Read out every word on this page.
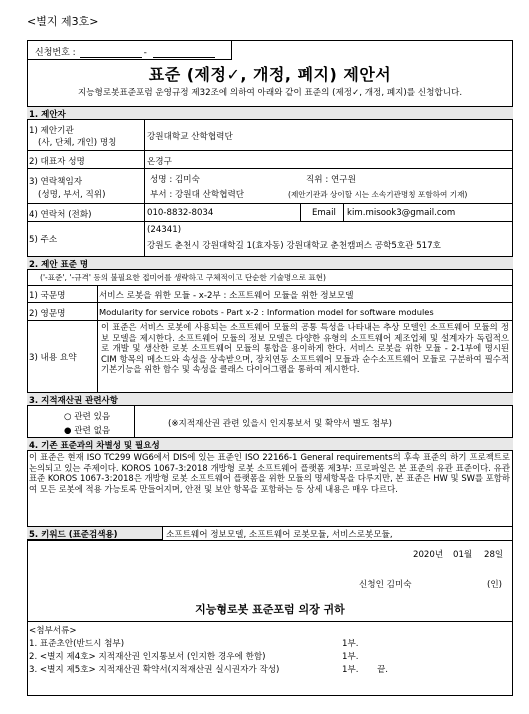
<별지 제3호>
신청번호 :	-
표준 (제정✓, 개정, 폐지) 제안서
지능형로봇표준포럼 운영규정 제32조에 의하여 아래와 같이 표준의 (제정✓, 개정, 폐지)를 신청합니다.
1. 제안자
1) 제안기관
(사, 단체, 개인) 명칭
강원대학교 산학협력단
2) 대표자 성명	온경구
3) 연락책임자
(성명, 부서, 직위)
성명 : 김미숙	직위 : 연구원
부서 : 강원대 산학협력단	(제안기관과 상이할 시는 소속기관명칭 포함하여 기재)
4) 연락처 (전화)	010-8832-8034	Email kim.misook3@gmail.com
5) 주소
(24341)
강원도 춘천시 강원대학길 1(효자동) 강원대학교 춘천캠퍼스 공학5호관 517호
2. 제안 표준 명
('-표준', '-규격' 등의 불필요한 접미어를 생략하고 구체적이고 단순한 기술명으로 표현)
1) 국문명	서비스 로봇을 위한 모듈 - x-2부 : 소프트웨어 모듈을 위한 정보모델
2) 영문명	Modularity for service robots - Part x-2 : Information model for software modules
3) 내용 요약
이 표준은 서비스 로봇에 사용되는 소프트웨어 모듈의 공통 특성을 나타내는 추상 모델인 소프트웨어 모듈의 정보 모델을 제시한다. 소프트웨어 모듈의 정보 모델은 다양한 유형의 소프트웨어 제조업체 및 설계자가 독립적으로 개발 및 생산한 로봇 소프트웨어 모듈의 통합을 용이하게 한다. 서비스 로봇을 위한 모듈 - 2-1부에 명시된 CIM 항목의 메소드와 속성을 상속받으며, 장치연동 소프트웨어 모듈과 순수소프트웨어 모듈로 구분하여 필수적 기본기능을 위한 함수 및 속성을 클래스 다이어그램을 통하여 제시한다.
3. 지적재산권 관련사항
○ 관련 있음
● 관련 없음
(※지적재산권 관련 있을시 인지통보서 및 확약서 별도 첨부)
4. 기존 표준과의 차별성 및 필요성
이 표준은 현재 ISO TC299 WG6에서 DIS에 있는 표준인 ISO 22166-1 General requirements의 후속 표준의 하기 프로젝트로 논의되고 있는 주제이다. KOROS 1067-3:2018 개방형 로봇 소프트웨어 플랫폼 제3부: 프로파일은 본 표준의 유관 표준이다. 유관 표준 KOROS 1067-3:2018은 개방형 로봇 소프트웨어 플랫폼을 위한 모듈의 명세항목을 다루지만, 본 표준은 HW 및 SW를 포함하여 모든 로봇에 적용 가능토록 만들어지며, 안전 및 보안 항목을 포함하는 등 상세 내용은 매우 다르다.
5. 키워드 (표준검색용)	소프트웨어 정보모델, 소프트웨어 로봇모듈, 서비스로봇모듈,
2020년 01월 28일
신청인 김미숙	(인)
지능형로봇 표준포럼 의장 귀하
<첨부서류>
1. 표준초안(반드시 첨부)	1부.
2. <별지 제4호> 지적재산권 인지통보서 (인지한 경우에 한함)	1부.
3. <별지 제5호> 지적재산권 확약서(지적재산권 실시권자가 작성)	1부. 끝.
